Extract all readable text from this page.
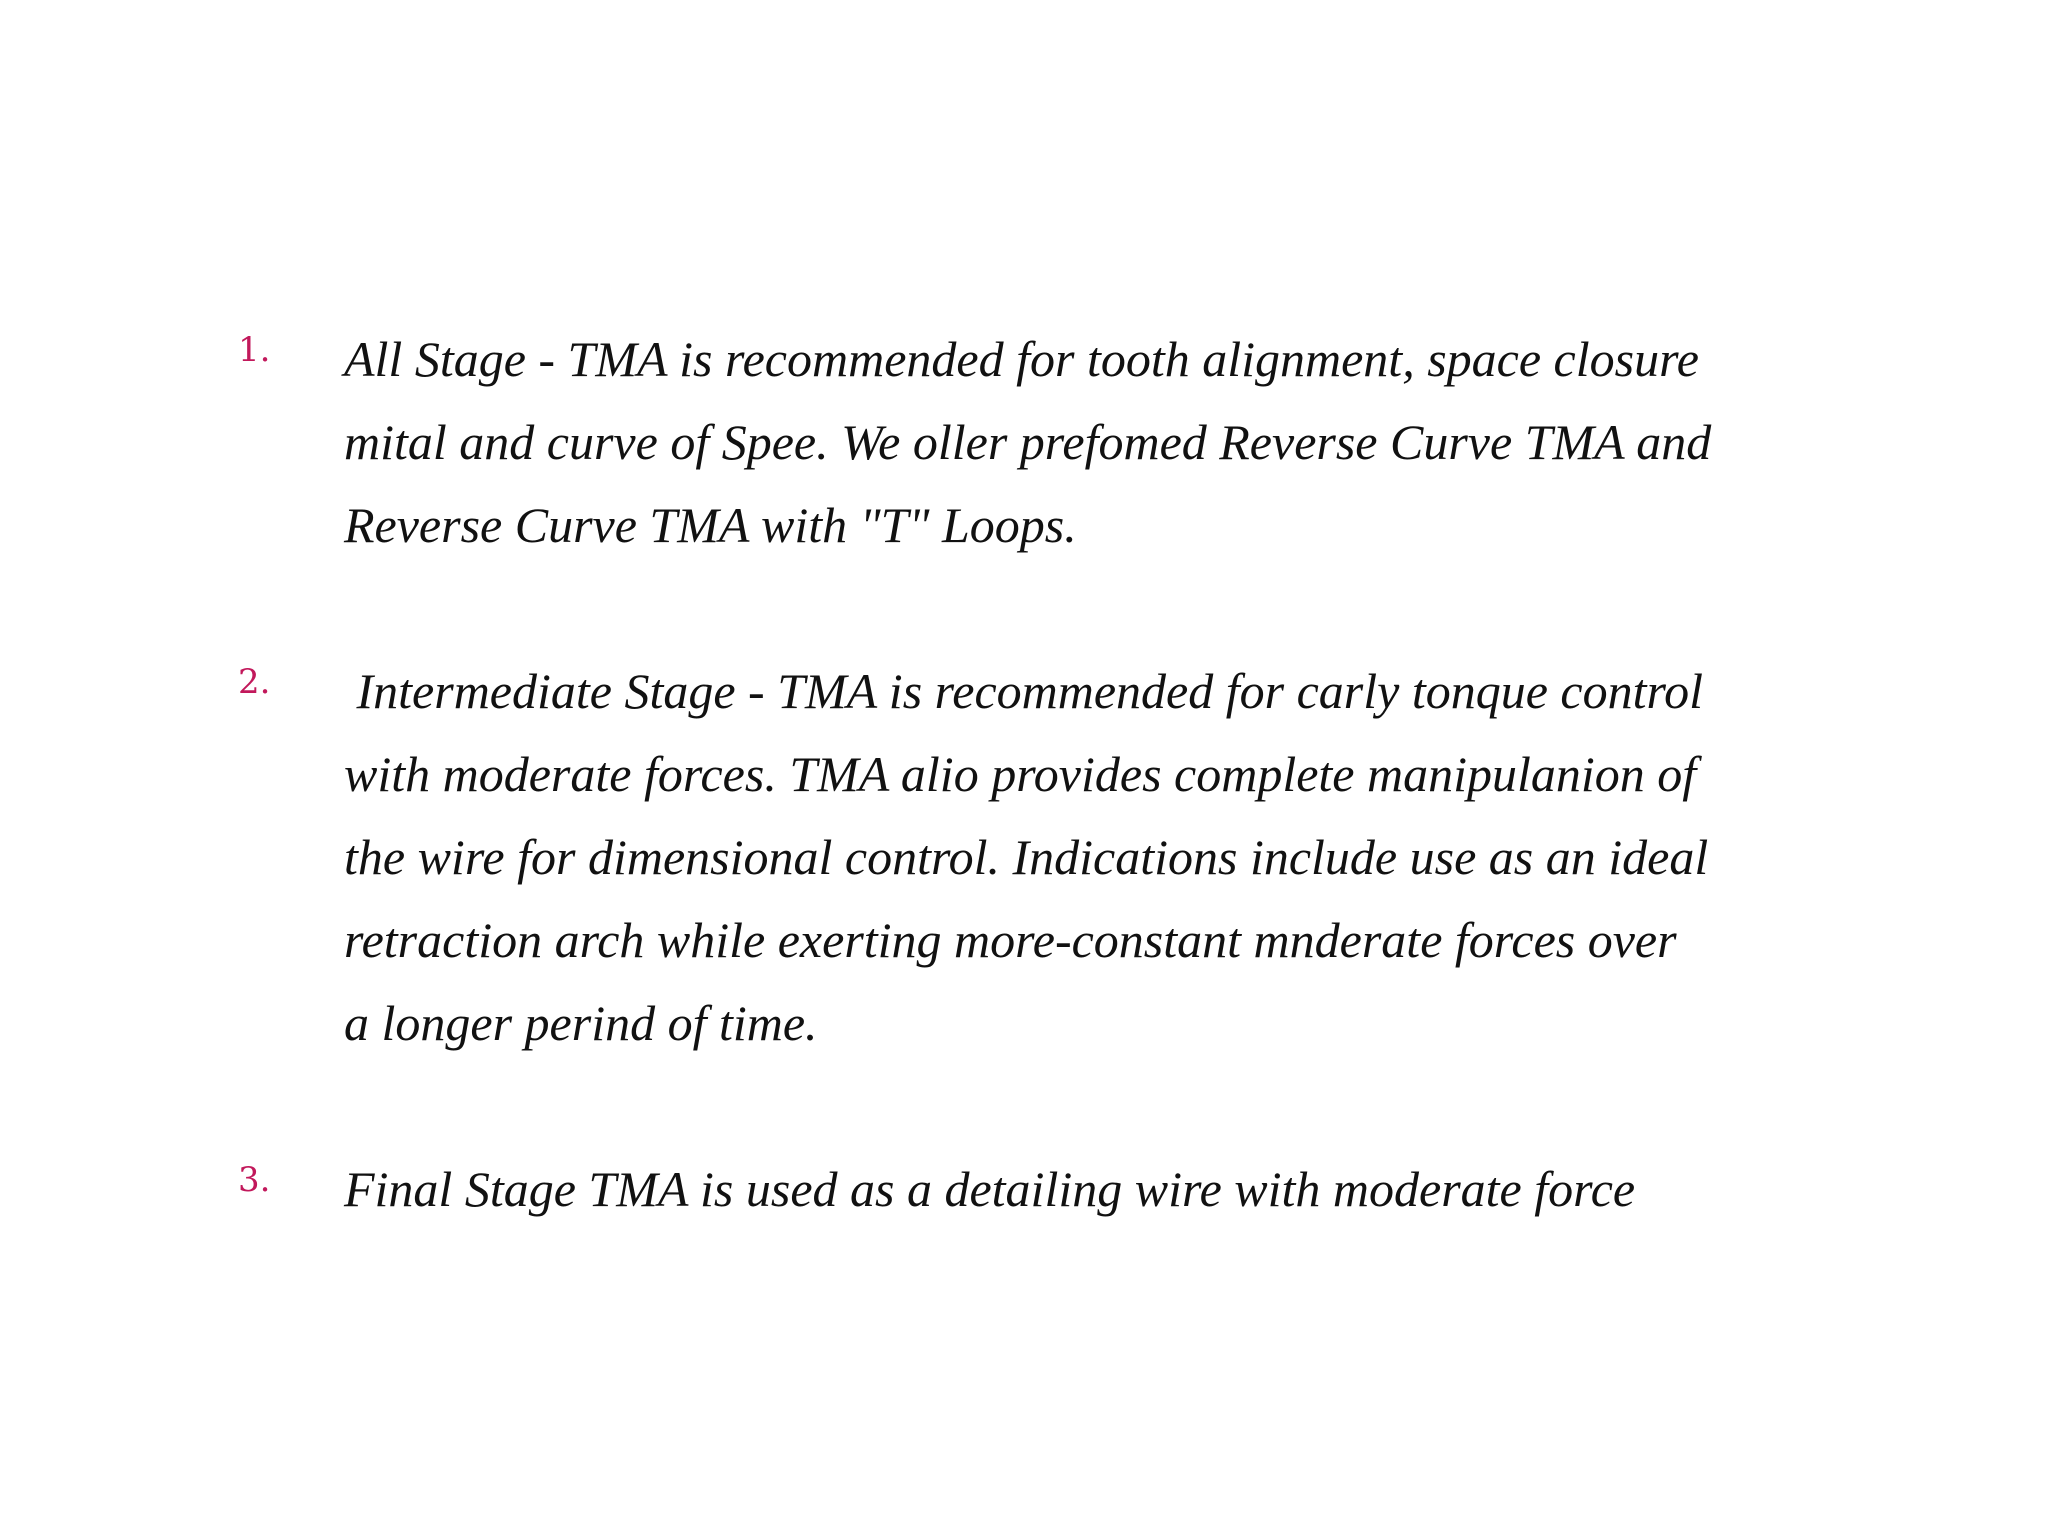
1.	All Stage - TMA is recommended for tooth alignment, space closure
mital and curve of Spee. We oller prefomed Reverse Curve TMA and
Reverse Curve TMA with "T" Loops.
2.	Intermediate Stage - TMA is recommended for carly tonque control
with moderate forces. TMA alio provides complete manipulanion of
the wire for dimensional control. Indications include use as an ideal
retraction arch while exerting more-constant mnderate forces over
a longer perind of time.
3.	Final Stage TMA is used as a detailing wire with moderate force
